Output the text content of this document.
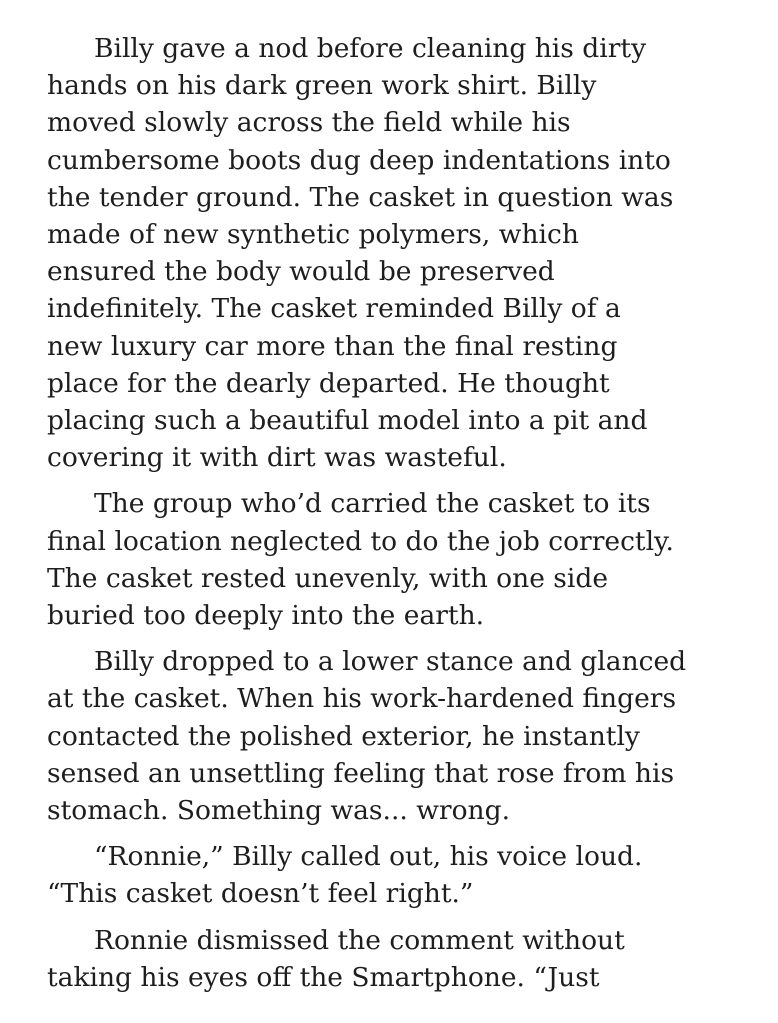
Billy gave a nod before cleaning his dirty
hands on his dark green work shirt. Billy
moved slowly across the field while his
cumbersome boots dug deep indentations into
the tender ground. The casket in question was
made of new synthetic polymers, which
ensured the body would be preserved
indefinitely. The casket reminded Billy of a
new luxury car more than the final resting
place for the dearly departed. He thought
placing such a beautiful model into a pit and
covering it with dirt was wasteful.
The group who’d carried the casket to its
final location neglected to do the job correctly.
The casket rested unevenly, with one side
buried too deeply into the earth.
Billy dropped to a lower stance and glanced
at the casket. When his work-hardened fingers
contacted the polished exterior, he instantly
sensed an unsettling feeling that rose from his
stomach. Something was... wrong.
“Ronnie,” Billy called out, his voice loud.
“This casket doesn’t feel right.”
Ronnie dismissed the comment without
taking his eyes off the Smartphone. “Just
